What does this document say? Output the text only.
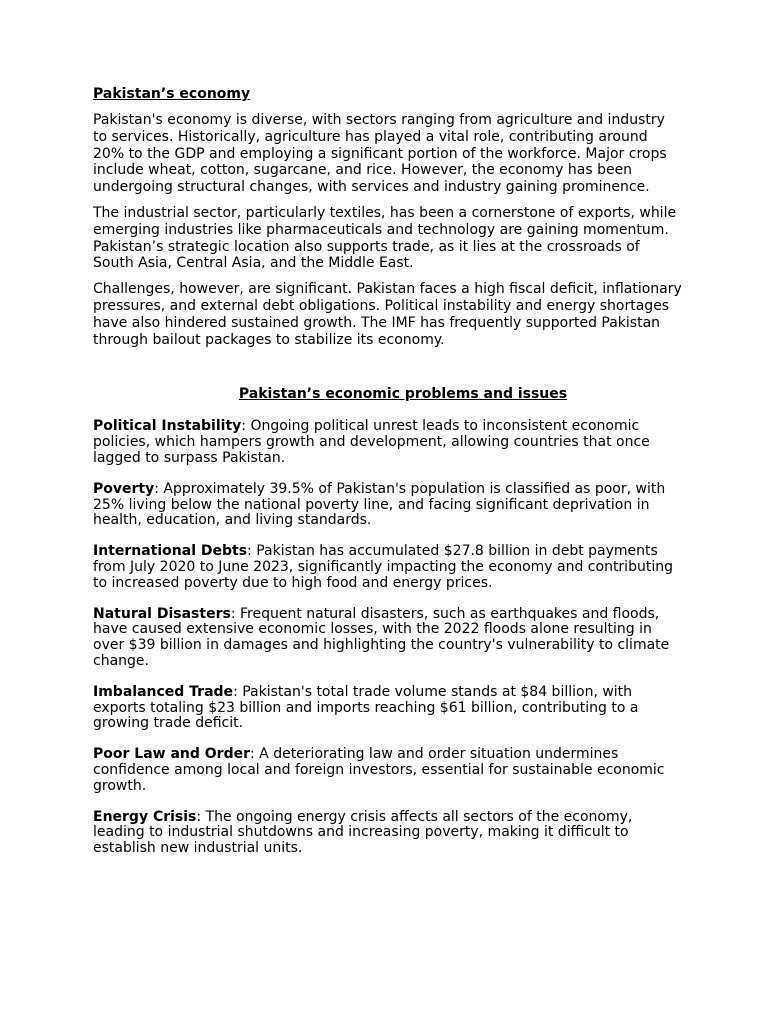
Pakistan’s economy

Pakistan's economy is diverse, with sectors ranging from agriculture and industry to services. Historically, agriculture has played a vital role, contributing around 20% to the GDP and employing a significant portion of the workforce. Major crops include wheat, cotton, sugarcane, and rice. However, the economy has been undergoing structural changes, with services and industry gaining prominence.

The industrial sector, particularly textiles, has been a cornerstone of exports, while emerging industries like pharmaceuticals and technology are gaining momentum. Pakistan’s strategic location also supports trade, as it lies at the crossroads of South Asia, Central Asia, and the Middle East.

Challenges, however, are significant. Pakistan faces a high fiscal deficit, inflationary pressures, and external debt obligations. Political instability and energy shortages have also hindered sustained growth. The IMF has frequently supported Pakistan through bailout packages to stabilize its economy.

Pakistan’s economic problems and issues

Political Instability: Ongoing political unrest leads to inconsistent economic policies, which hampers growth and development, allowing countries that once lagged to surpass Pakistan.

Poverty: Approximately 39.5% of Pakistan's population is classified as poor, with 25% living below the national poverty line, and facing significant deprivation in health, education, and living standards.

International Debts: Pakistan has accumulated $27.8 billion in debt payments from July 2020 to June 2023, significantly impacting the economy and contributing to increased poverty due to high food and energy prices.

Natural Disasters: Frequent natural disasters, such as earthquakes and floods, have caused extensive economic losses, with the 2022 floods alone resulting in over $39 billion in damages and highlighting the country's vulnerability to climate change.

Imbalanced Trade: Pakistan's total trade volume stands at $84 billion, with exports totaling $23 billion and imports reaching $61 billion, contributing to a growing trade deficit.

Poor Law and Order: A deteriorating law and order situation undermines confidence among local and foreign investors, essential for sustainable economic growth.

Energy Crisis: The ongoing energy crisis affects all sectors of the economy, leading to industrial shutdowns and increasing poverty, making it difficult to establish new industrial units.
